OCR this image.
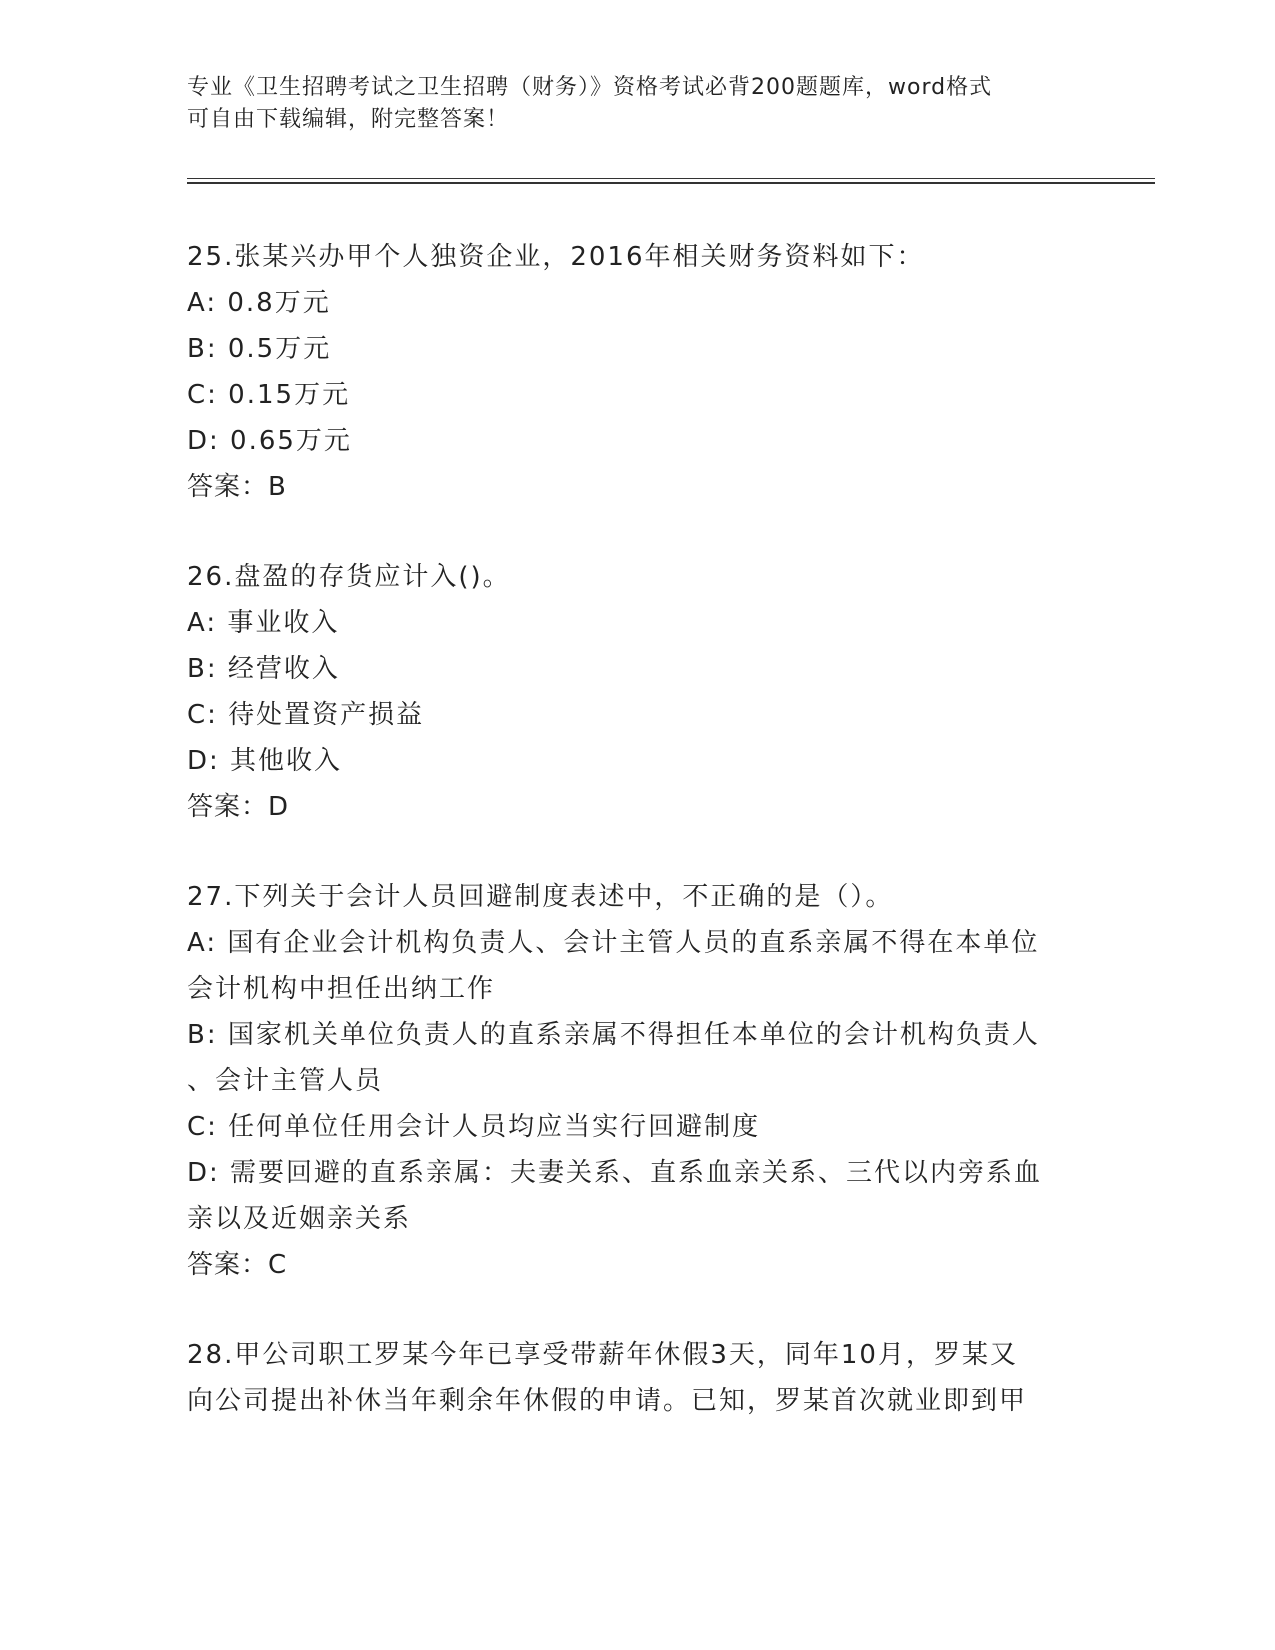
专业《卫生招聘考试之卫生招聘（财务）》资格考试必背200题题库，word格式
可自由下载编辑，附完整答案！
25.张某兴办甲个人独资企业，2016年相关财务资料如下：
A: 0.8万元
B: 0.5万元
C: 0.15万元
D: 0.65万元
答案：B
26.盘盈的存货应计入()。
A: 事业收入
B: 经营收入
C: 待处置资产损益
D: 其他收入
答案：D
27.下列关于会计人员回避制度表述中，不正确的是（）。
A: 国有企业会计机构负责人、会计主管人员的直系亲属不得在本单位
会计机构中担任出纳工作
B: 国家机关单位负责人的直系亲属不得担任本单位的会计机构负责人
、会计主管人员
C: 任何单位任用会计人员均应当实行回避制度
D: 需要回避的直系亲属：夫妻关系、直系血亲关系、三代以内旁系血
亲以及近姻亲关系
答案：C
28.甲公司职工罗某今年已享受带薪年休假3天，同年10月，罗某又
向公司提出补休当年剩余年休假的申请。已知，罗某首次就业即到甲
